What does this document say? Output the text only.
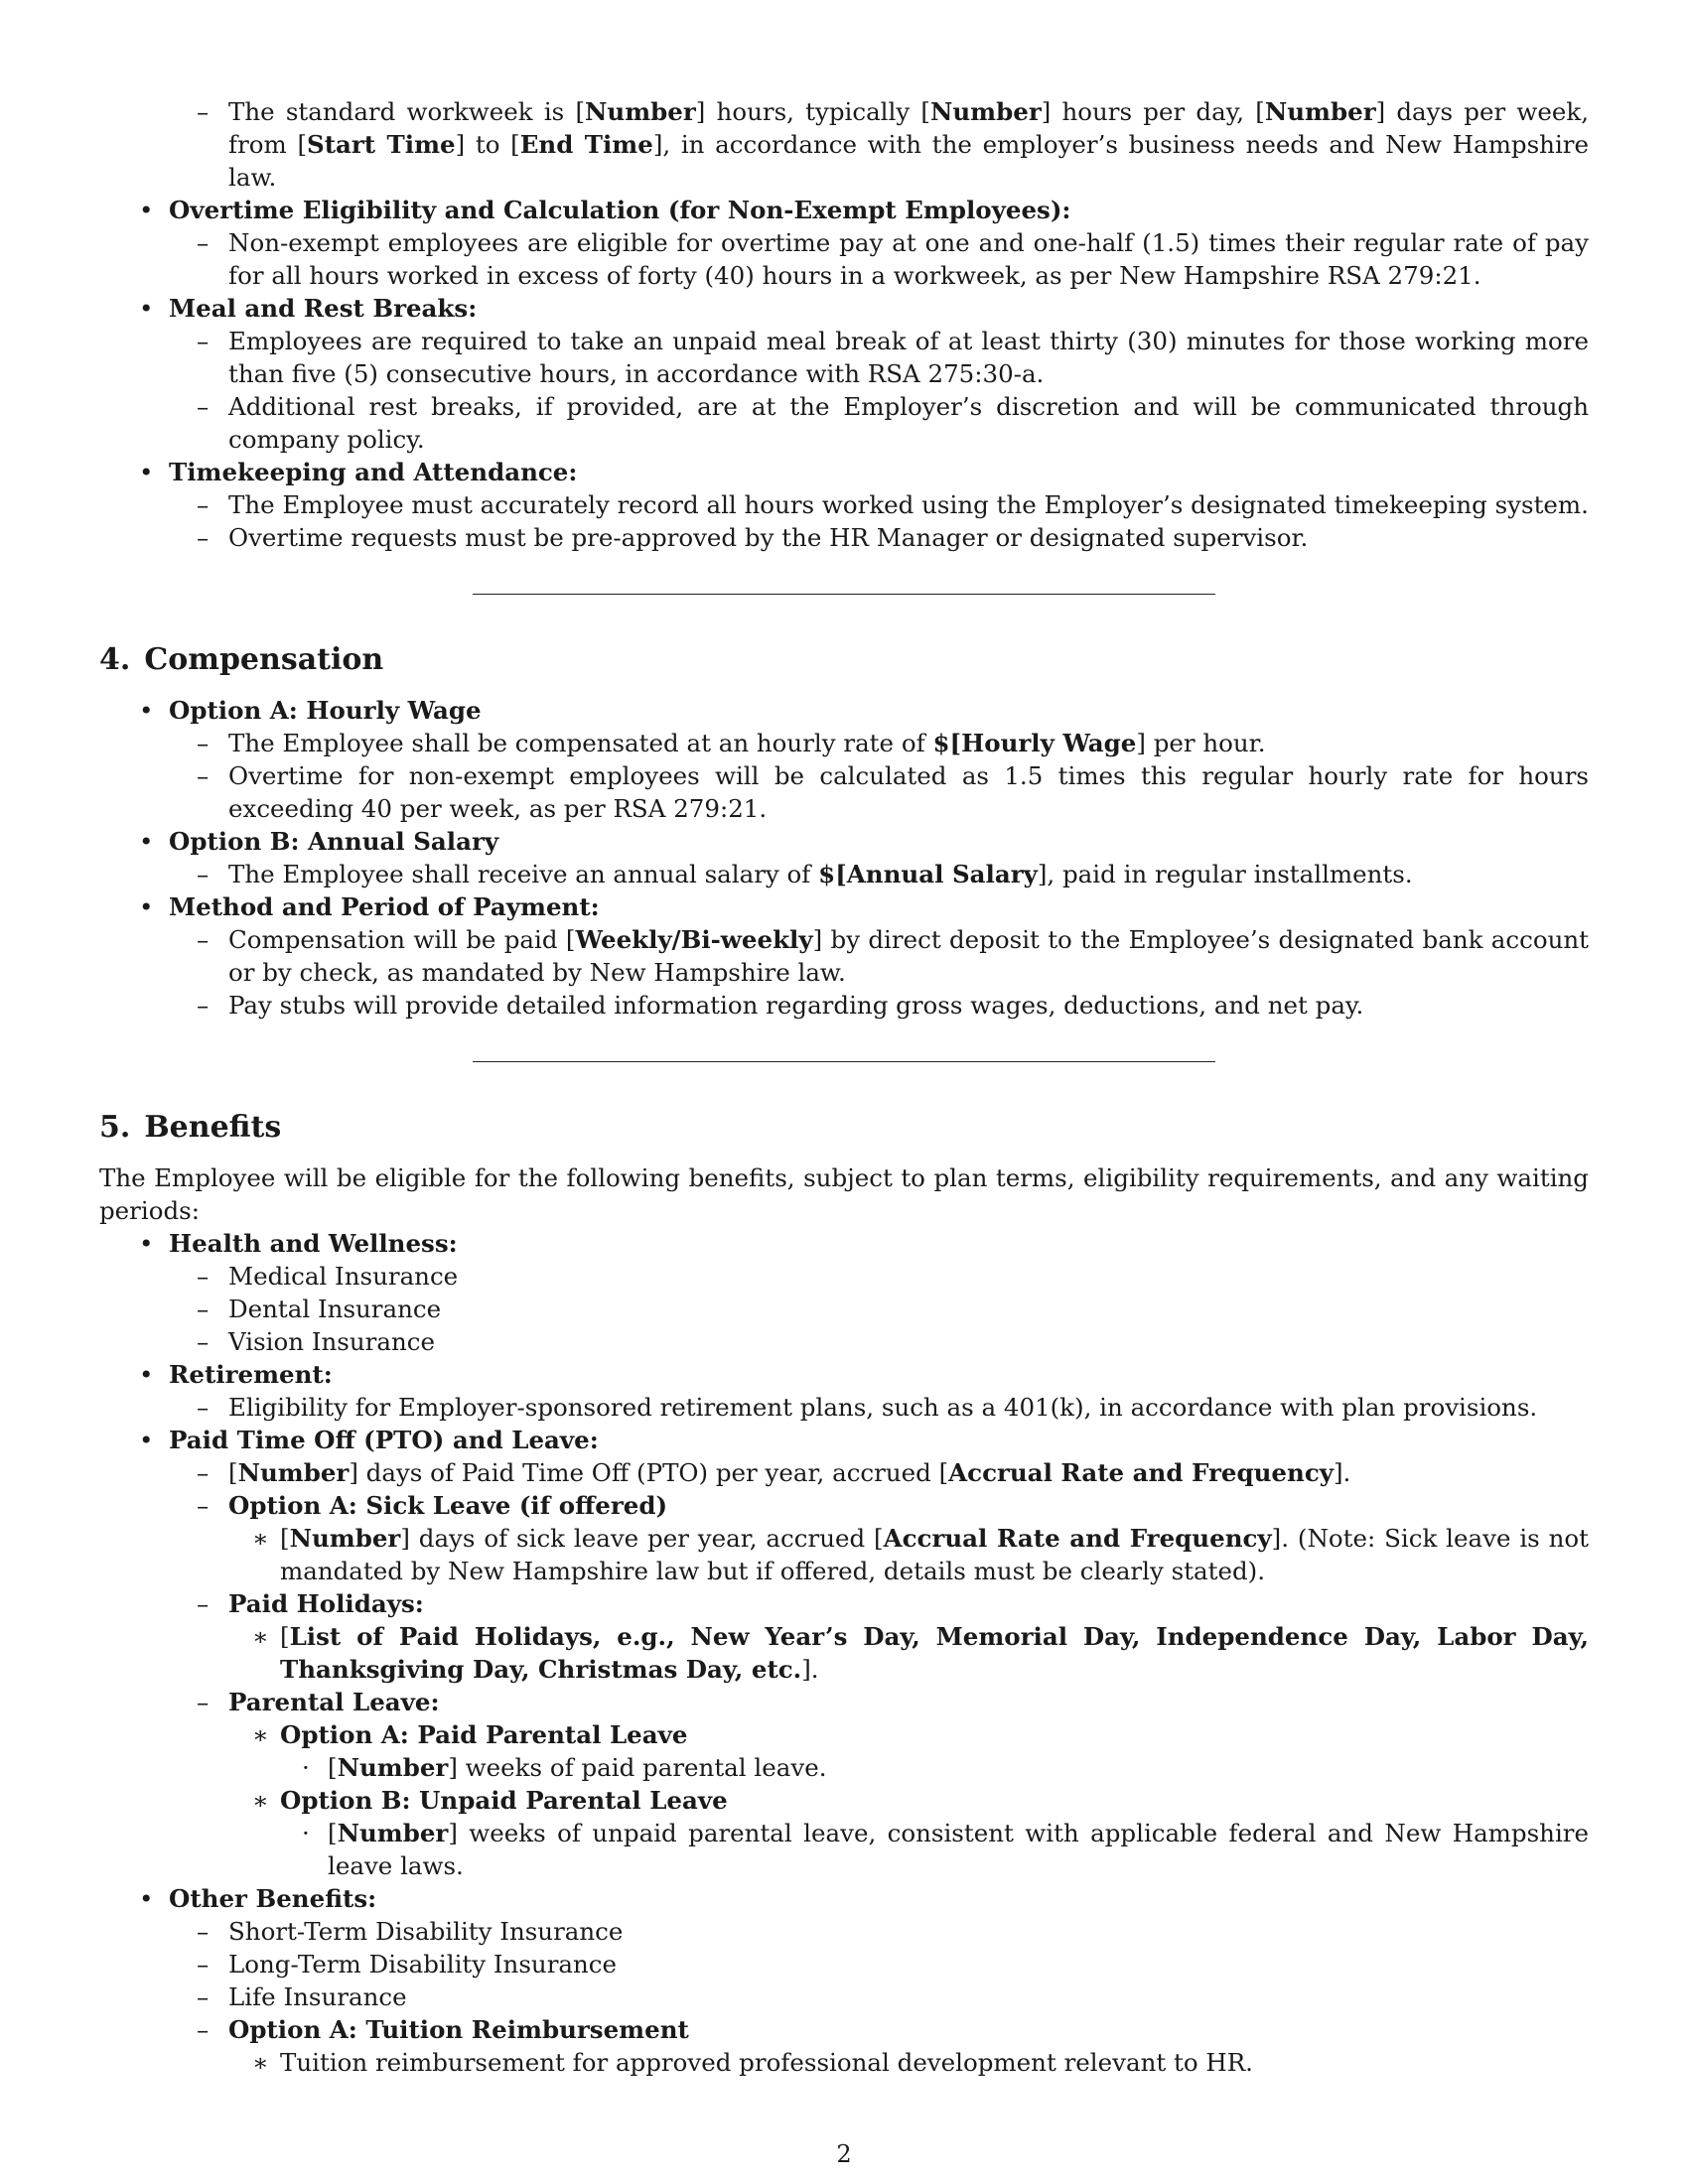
– The standard workweek is [Number] hours, typically [Number] hours per day, [Number] days per week, from [Start Time] to [End Time], in accordance with the employer’s business needs and New Hampshire law.

• Overtime Eligibility and Calculation (for Non-Exempt Employees):
– Non-exempt employees are eligible for overtime pay at one and one-half (1.5) times their regular rate of pay for all hours worked in excess of forty (40) hours in a workweek, as per New Hampshire RSA 279:21.

• Meal and Rest Breaks:
– Employees are required to take an unpaid meal break of at least thirty (30) minutes for those working more than five (5) consecutive hours, in accordance with RSA 275:30-a.

– Additional rest breaks, if provided, are at the Employer’s discretion and will be communicated through company policy.

• Timekeeping and Attendance:
– The Employee must accurately record all hours worked using the Employer’s designated timekeeping system.

– Overtime requests must be pre-approved by the HR Manager or designated supervisor.

4. Compensation
• Option A: Hourly Wage
– The Employee shall be compensated at an hourly rate of $[Hourly Wage] per hour.

– Overtime for non-exempt employees will be calculated as 1.5 times this regular hourly rate for hours exceeding 40 per week, as per RSA 279:21.

• Option B: Annual Salary
– The Employee shall receive an annual salary of $[Annual Salary], paid in regular installments.

• Method and Period of Payment:
– Compensation will be paid [Weekly/Bi-weekly] by direct deposit to the Employee’s designated bank account or by check, as mandated by New Hampshire law.

– Pay stubs will provide detailed information regarding gross wages, deductions, and net pay.

5. Benefits

The Employee will be eligible for the following benefits, subject to plan terms, eligibility requirements, and any waiting periods:

• Health and Wellness:
– Medical Insurance
– Dental Insurance
– Vision Insurance
• Retirement:
– Eligibility for Employer-sponsored retirement plans, such as a 401(k), in accordance with plan provisions.

• Paid Time Off (PTO) and Leave:
– [Number] days of Paid Time Off (PTO) per year, accrued [Accrual Rate and Frequency].

– Option A: Sick Leave (if offered)
∗ [Number] days of sick leave per year, accrued [Accrual Rate and Frequency]. (Note: Sick leave is not mandated by New Hampshire law but if offered, details must be clearly stated).

– Paid Holidays:
∗ [List of Paid Holidays, e.g., New Year’s Day, Memorial Day, Independence Day, Labor Day, Thanksgiving Day, Christmas Day, etc.].

– Parental Leave:
∗ Option A: Paid Parental Leave
· [Number] weeks of paid parental leave.

∗ Option B: Unpaid Parental Leave
· [Number] weeks of unpaid parental leave, consistent with applicable federal and New Hampshire leave laws.

• Other Benefits:
– Short-Term Disability Insurance
– Long-Term Disability Insurance
– Life Insurance
– Option A: Tuition Reimbursement
∗ Tuition reimbursement for approved professional development relevant to HR.

2
